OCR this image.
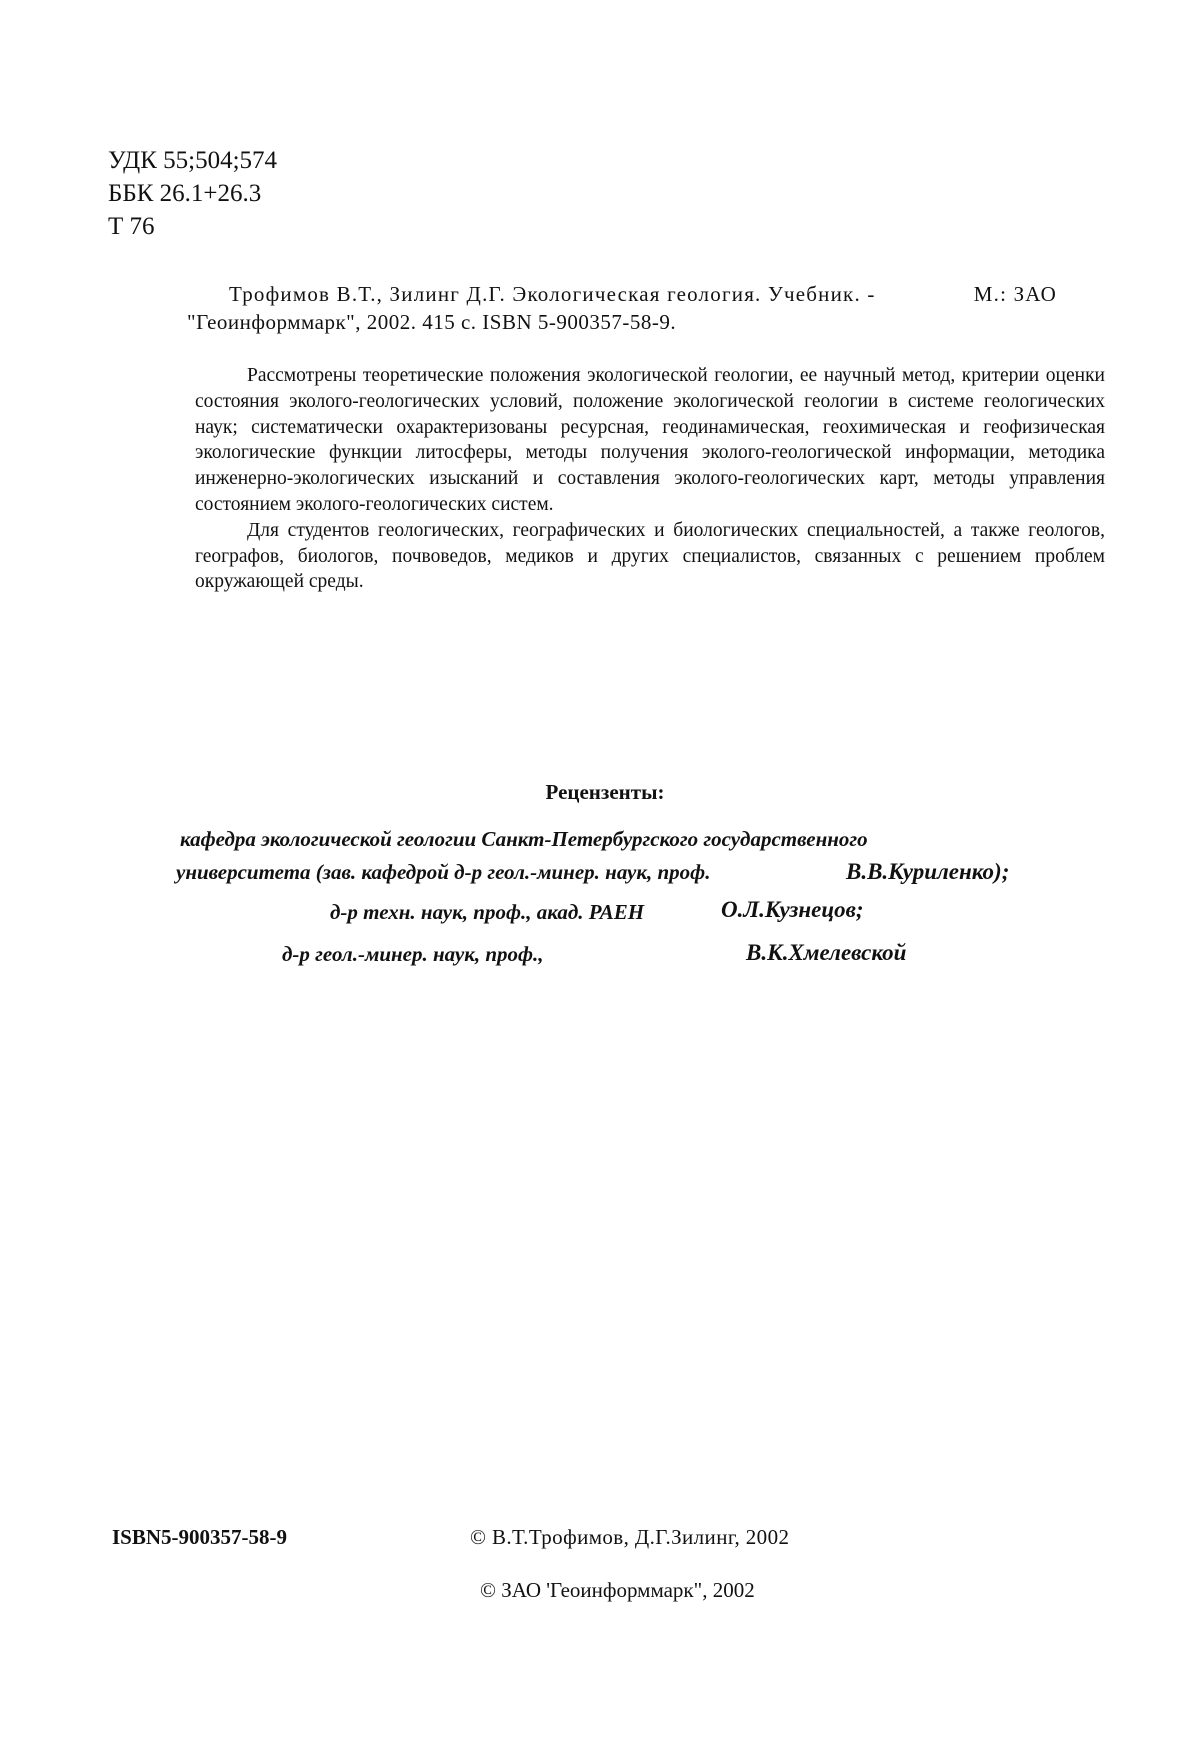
УДК 55;504;574
ББК 26.1+26.3
Т 76
Трофимов В.Т., Зилинг Д.Г. Экологическая геология. Учебник. -	М.: ЗАО
"Геоинформмарк", 2002. 415 с. ISBN 5-900357-58-9.

Рассмотрены теоретические положения экологической геологии, ее научный метод, критерии оценки состояния эколого-геологических условий, положение экологической геологии в системе геологических наук; систематически охарактеризованы ресурсная, геодинамическая, геохимическая и геофизическая экологические функции литосферы, методы получения эколого-геологической информации, методика инженерно-экологических изысканий и составления эколого-геологических карт, методы управления состоянием эколого-геологических систем.

Для студентов геологических, географических и биологических специальностей, а также геологов, географов, биологов, почвоведов, медиков и других специалистов, связанных с решением проблем окружающей среды.

Рецензенты:
кафедра экологической геологии Санкт-Петербургского государственного
университета (зав. кафедрой д-р геол.-минер. наук, проф.	В.В.Куриленко);
д-р техн. наук, проф., акад. РАЕН	О.Л.Кузнецов;
д-р геол.-минер. наук, проф.,	В.К.Хмелевской
ISBN5-900357-58-9	© В.Т.Трофимов, Д.Г.Зилинг, 2002
© ЗАО 'Геоинформмарк", 2002
